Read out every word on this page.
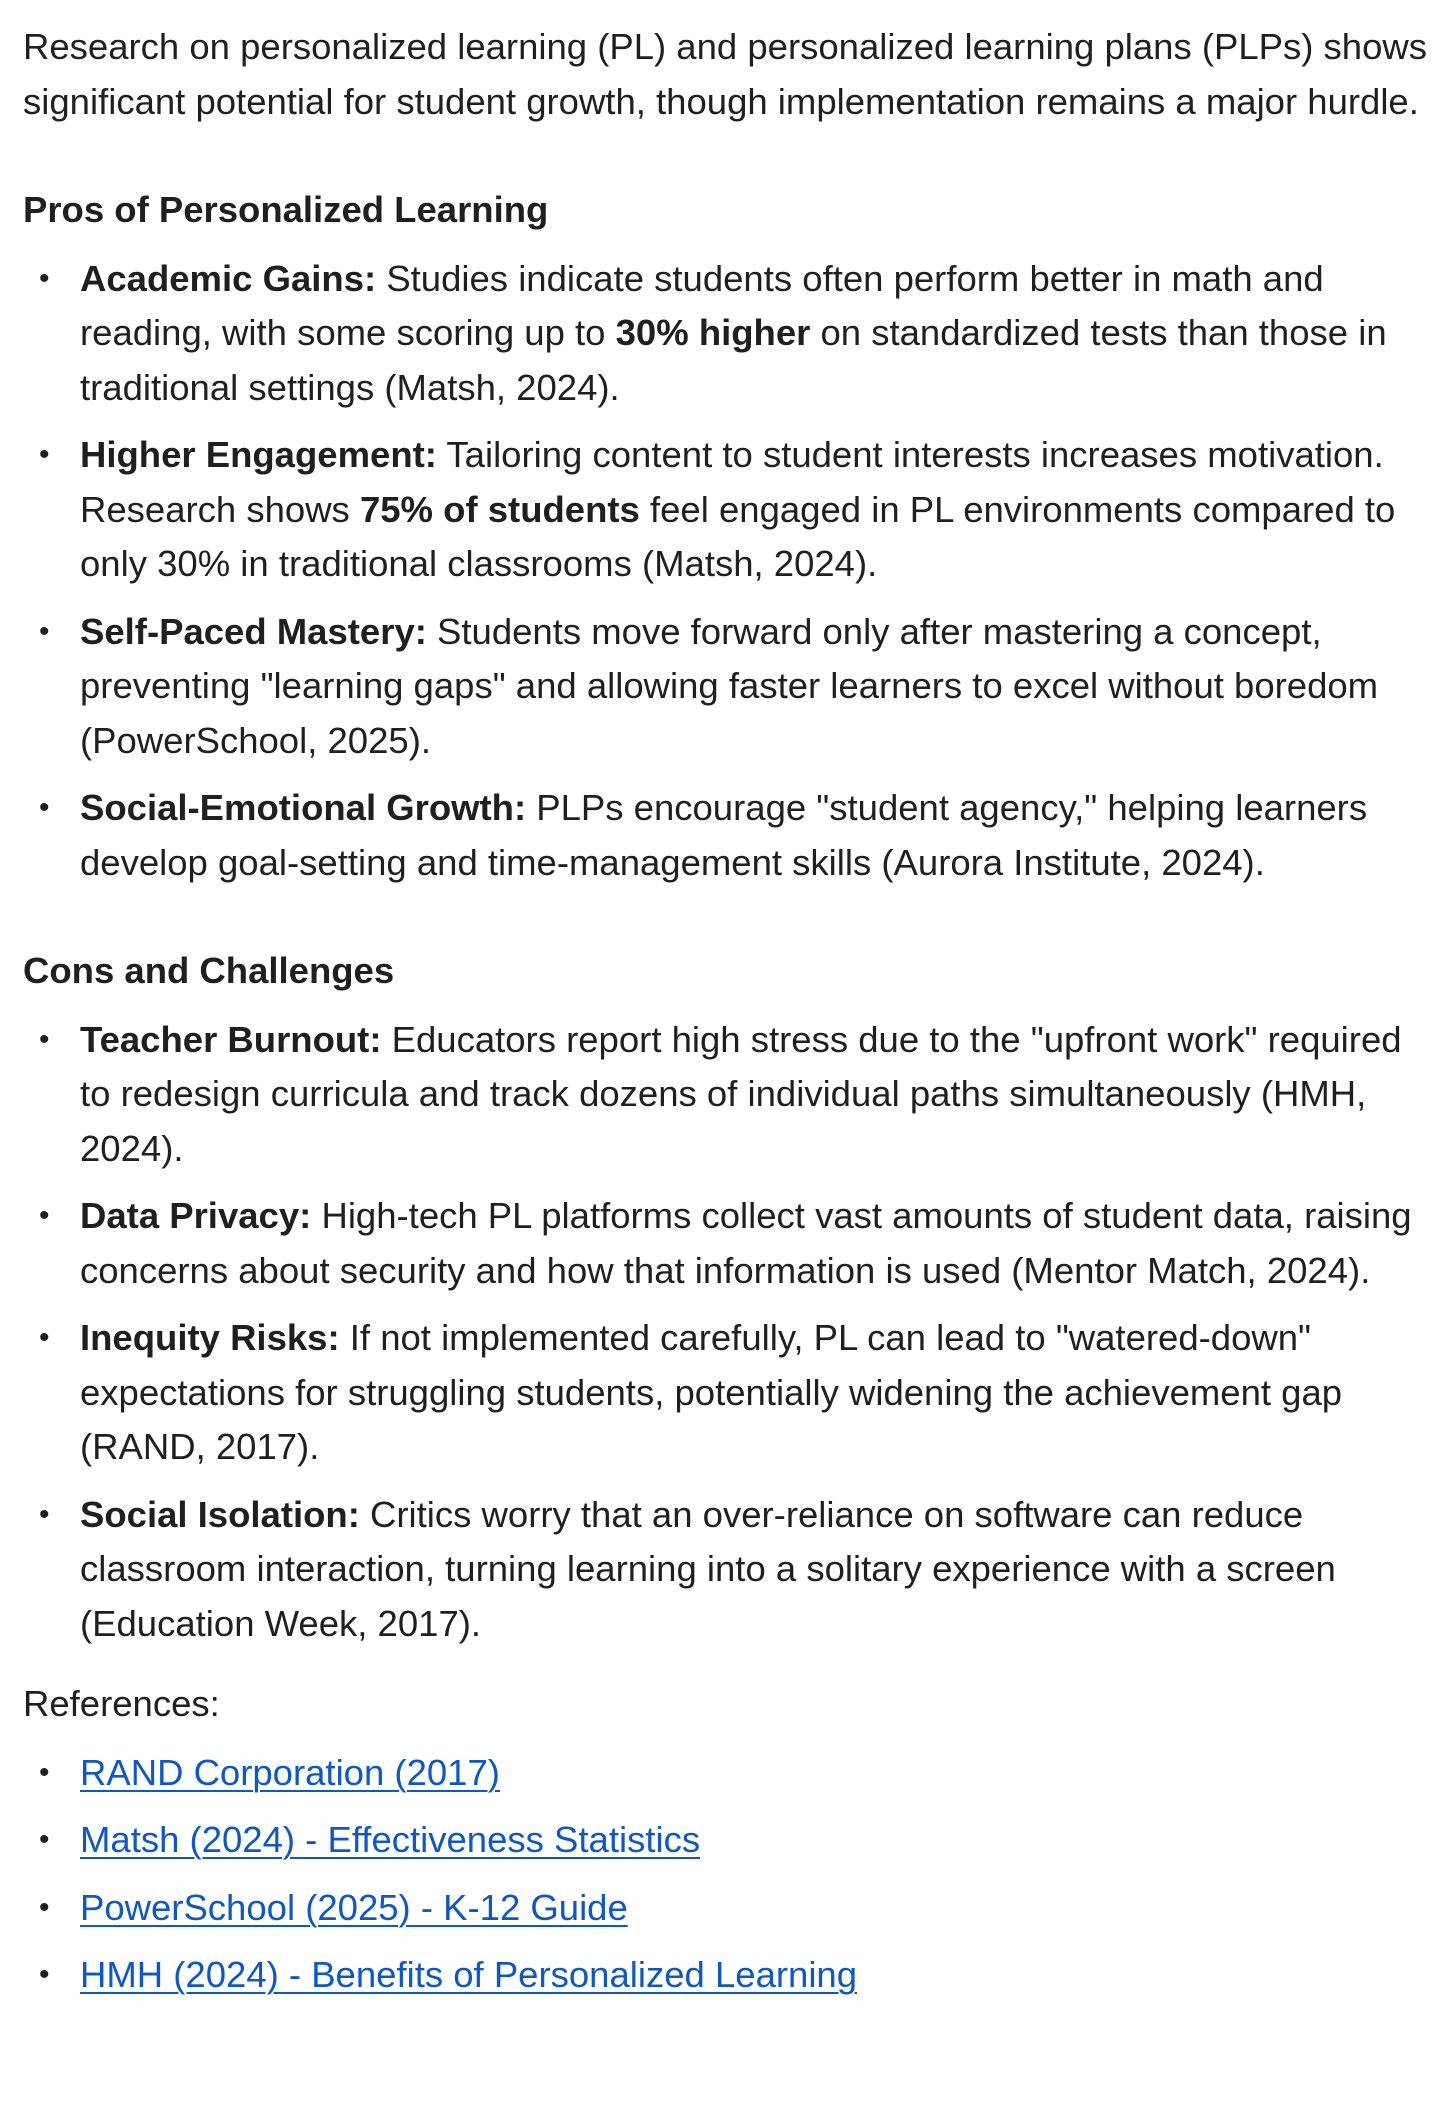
Research on personalized learning (PL) and personalized learning plans (PLPs) shows significant potential for student growth, though implementation remains a major hurdle.

Pros of Personalized Learning
• Academic Gains: Studies indicate students often perform better in math and reading, with some scoring up to 30% higher on standardized tests than those in traditional settings (Matsh, 2024).
• Higher Engagement: Tailoring content to student interests increases motivation. Research shows 75% of students feel engaged in PL environments compared to only 30% in traditional classrooms (Matsh, 2024).
• Self-Paced Mastery: Students move forward only after mastering a concept, preventing "learning gaps" and allowing faster learners to excel without boredom (PowerSchool, 2025).
• Social-Emotional Growth: PLPs encourage "student agency," helping learners develop goal-setting and time-management skills (Aurora Institute, 2024).
Cons and Challenges
• Teacher Burnout: Educators report high stress due to the "upfront work" required to redesign curricula and track dozens of individual paths simultaneously (HMH, 2024).
• Data Privacy: High-tech PL platforms collect vast amounts of student data, raising concerns about security and how that information is used (Mentor Match, 2024).
• Inequity Risks: If not implemented carefully, PL can lead to "watered-down" expectations for struggling students, potentially widening the achievement gap (RAND, 2017).
• Social Isolation: Critics worry that an over-reliance on software can reduce classroom interaction, turning learning into a solitary experience with a screen (Education Week, 2017).

References:

• RAND Corporation (2017)
• Matsh (2024) - Effectiveness Statistics
• PowerSchool (2025) - K-12 Guide
• HMH (2024) - Benefits of Personalized Learning
